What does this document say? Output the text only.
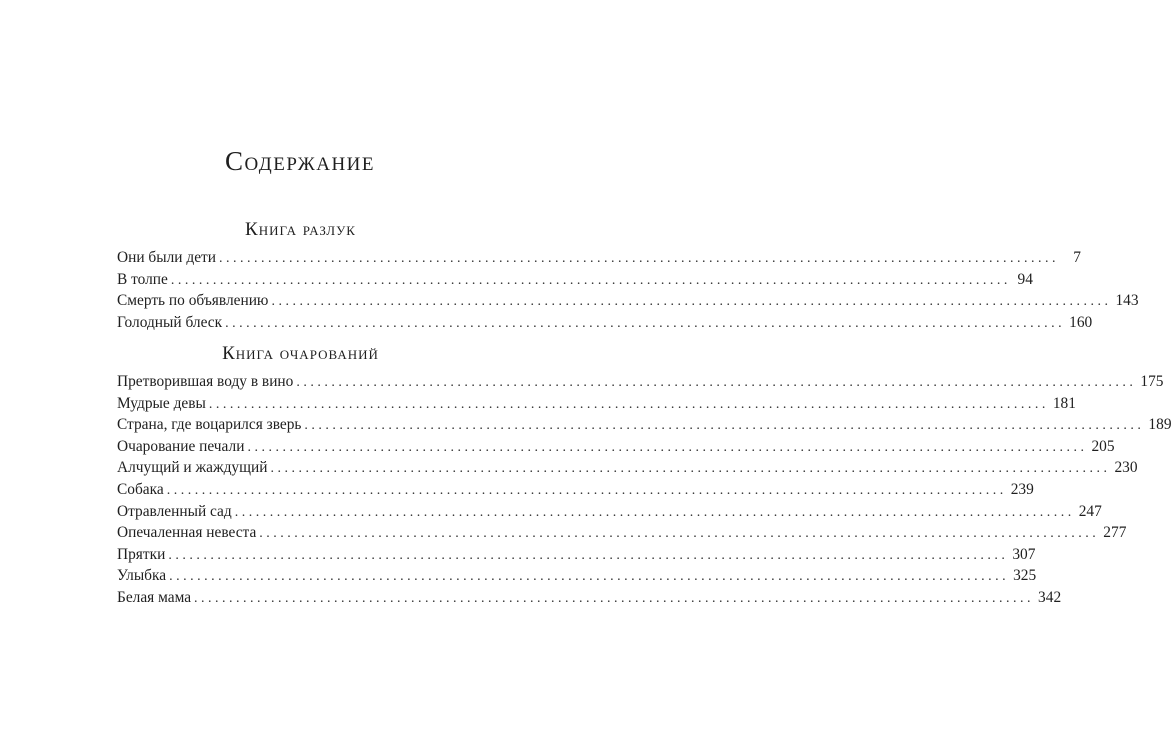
Содержание
Книга разлук
Они были дети ........................................................................................................................ 7
В толпе ........................................................................................................................ 94
Смерть по объявлению ........................................................................................................................ 143
Голодный блеск ........................................................................................................................ 160
Книга очарований
Претворившая воду в вино ........................................................................................................................ 175
Мудрые девы ........................................................................................................................ 181
Страна, где воцарился зверь ........................................................................................................................ 189
Очарование печали ........................................................................................................................ 205
Алчущий и жаждущий ........................................................................................................................ 230
Собака ........................................................................................................................ 239
Отравленный сад ........................................................................................................................ 247
Опечаленная невеста ........................................................................................................................ 277
Прятки ........................................................................................................................ 307
Улыбка ........................................................................................................................ 325
Белая мама ........................................................................................................................ 342
